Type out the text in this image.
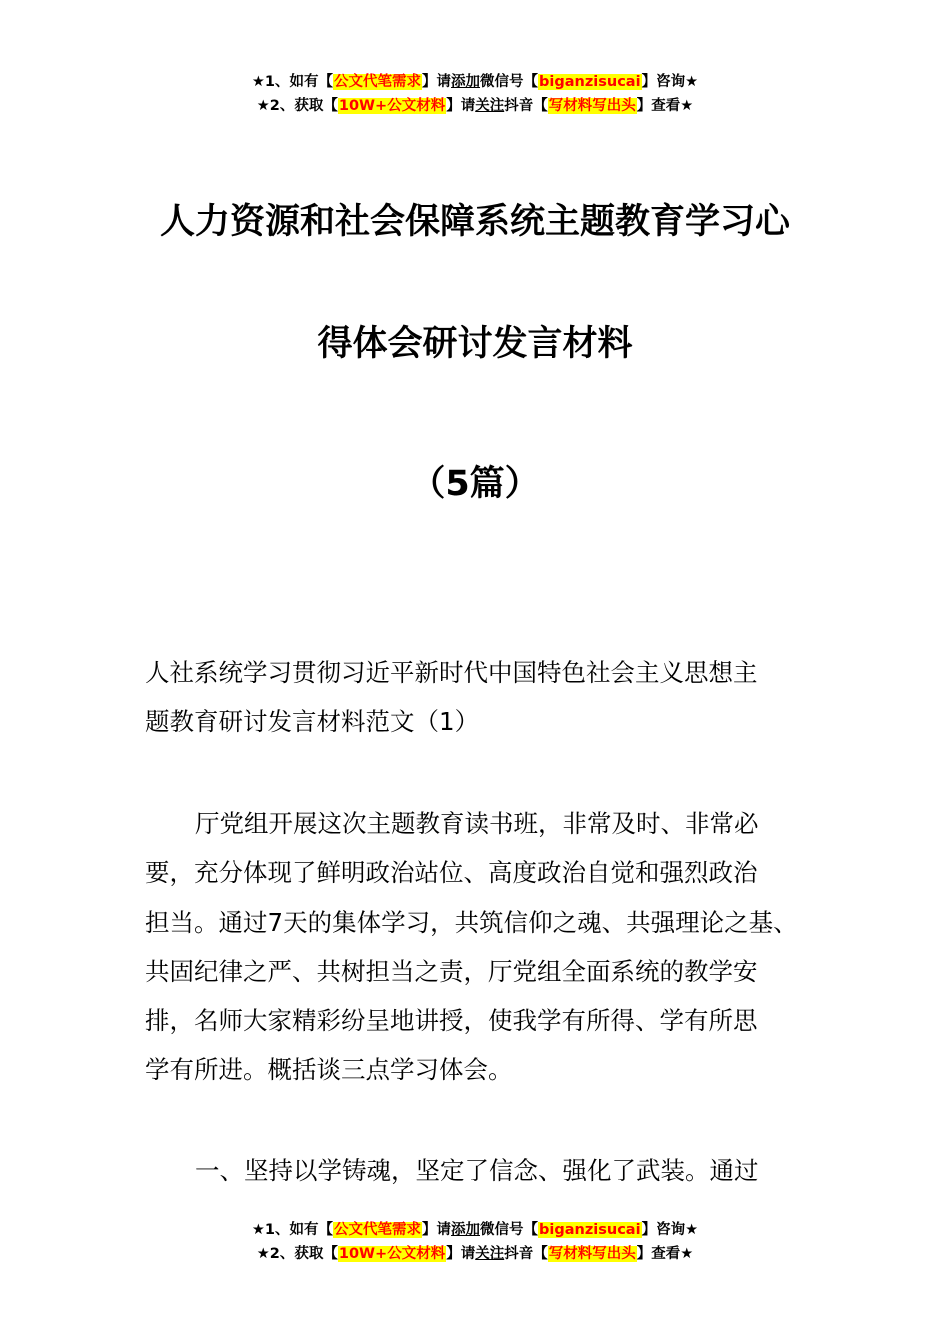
★1、如有【公文代笔需求】请添加微信号【biganzisucai】咨询★
★2、获取【10W+公文材料】请关注抖音【写材料写出头】查看★
人力资源和社会保障系统主题教育学习心
得体会研讨发言材料
（5篇）
人社系统学习贯彻习近平新时代中国特色社会主义思想主
题教育研讨发言材料范文（1）
厅党组开展这次主题教育读书班，非常及时、非常必
要，充分体现了鲜明政治站位、高度政治自觉和强烈政治
担当。通过7天的集体学习，共筑信仰之魂、共强理论之基、
共固纪律之严、共树担当之责，厅党组全面系统的教学安
排，名师大家精彩纷呈地讲授，使我学有所得、学有所思
学有所进。概括谈三点学习体会。
一、坚持以学铸魂，坚定了信念、强化了武装。通过
★1、如有【公文代笔需求】请添加微信号【biganzisucai】咨询★
★2、获取【10W+公文材料】请关注抖音【写材料写出头】查看★
